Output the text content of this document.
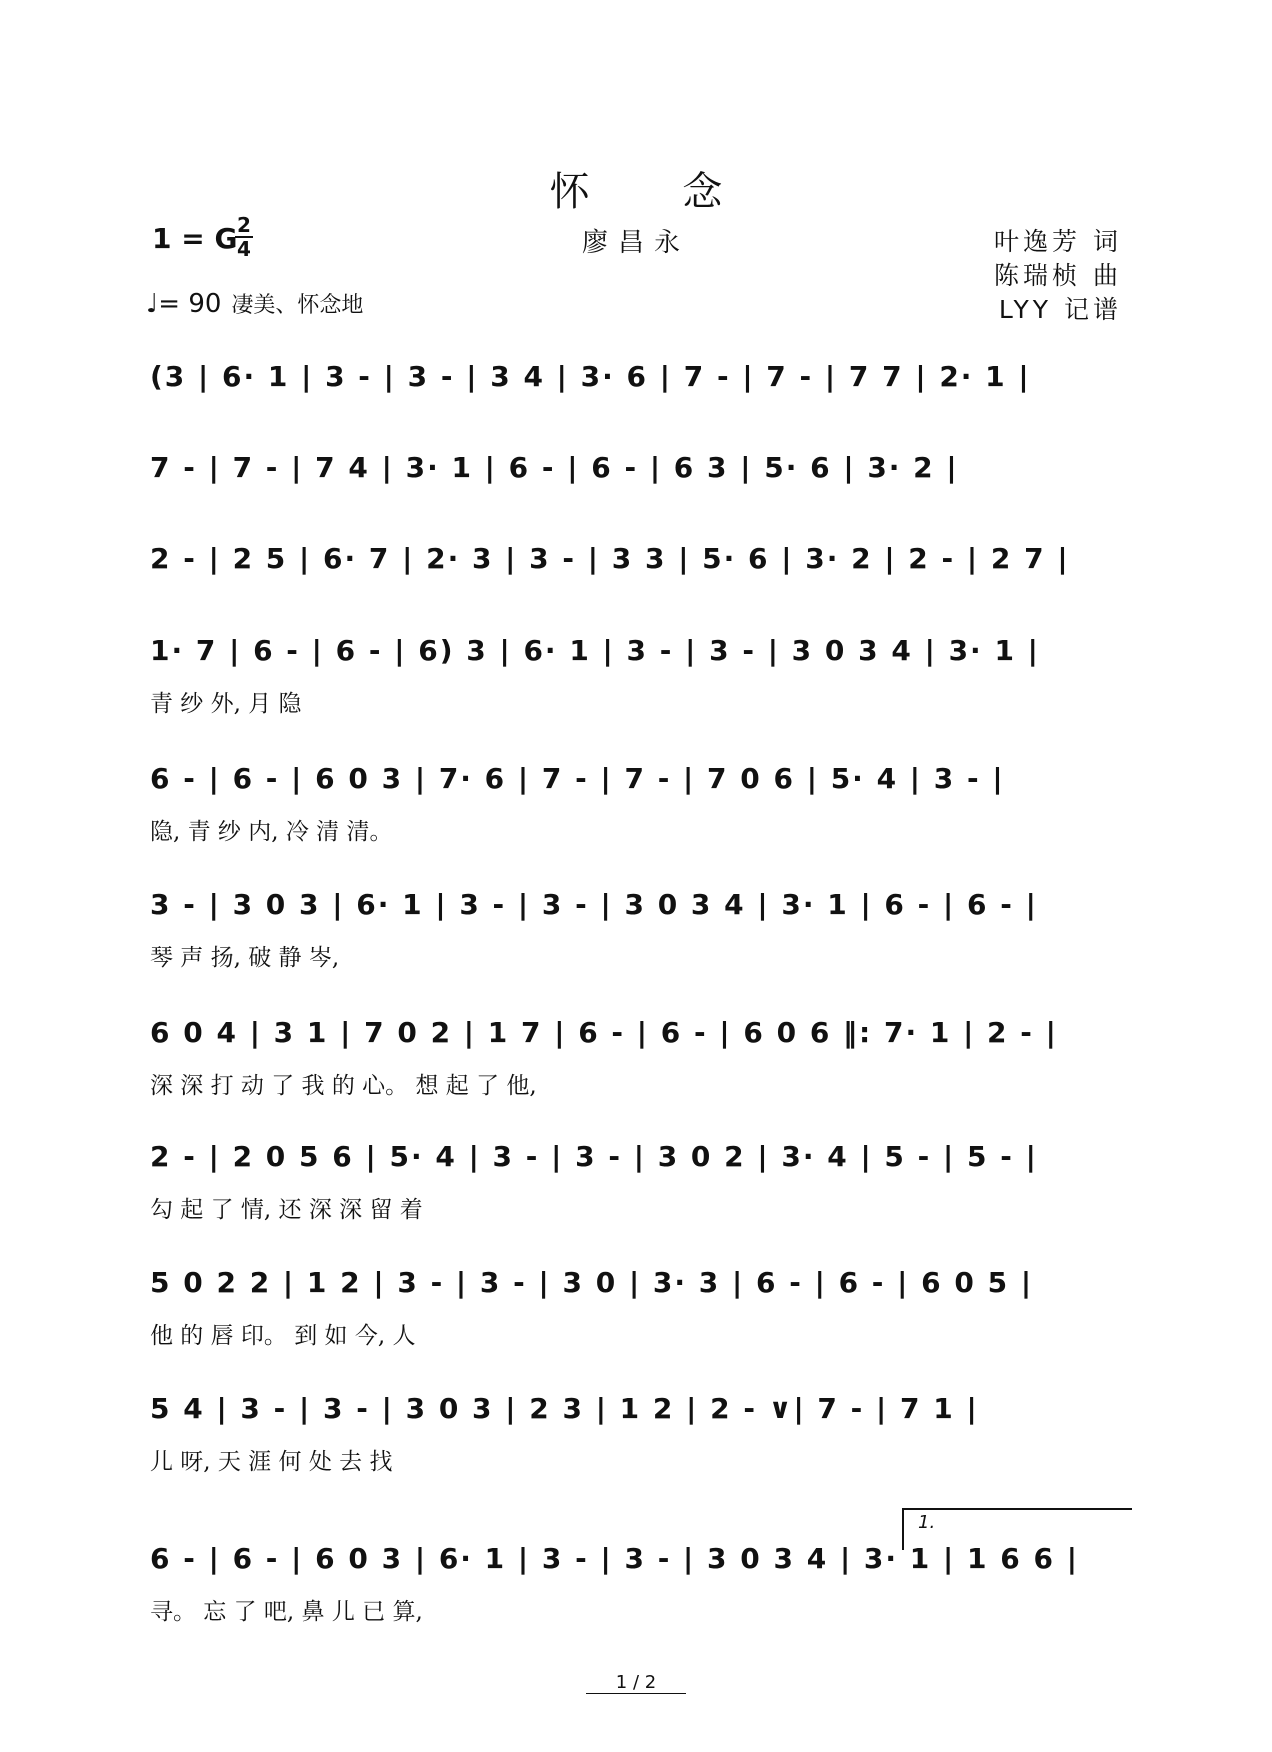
怀 念
廖昌永
1 = G 2
4
♩= 90 凄美、怀念地
叶逸芳 词
陈瑞桢 曲
LYY 记谱
(3 | 6· 1 | 3 - | 3 - | 3 4 | 3· 6 | 7 - | 7 - | 7 7 | 2· 1 |
7 - | 7 - | 7 4 | 3· 1 | 6 - | 6 - | 6 3 | 5· 6 | 3· 2 |
2 - | 2 5 | 6· 7 | 2· 3 | 3 - | 3 3 | 5· 6 | 3· 2 | 2 - | 2 7 |
1· 7 | 6 - | 6 - | 6) 3 | 6· 1 | 3 - | 3 - | 3 0 3 4 | 3· 1 |
青 纱 外, 月 隐
6 - | 6 - | 6 0 3 | 7· 6 | 7 - | 7 - | 7 0 6 | 5· 4 | 3 - |
隐, 青 纱 内, 冷 清 清。
3 - | 3 0 3 | 6· 1 | 3 - | 3 - | 3 0 3 4 | 3· 1 | 6 - | 6 - |
琴 声 扬, 破 静 岑,
6 0 4 | 3 1 | 7 0 2 | 1 7 | 6 - | 6 - | 6 0 6 ‖: 7· 1 | 2 - |
深 深 打 动 了 我 的 心。 想 起 了 他,
2 - | 2 0 5 6 | 5· 4 | 3 - | 3 - | 3 0 2 | 3· 4 | 5 - | 5 - |
勾 起 了 情, 还 深 深 留 着
5 0 2 2 | 1 2 | 3 - | 3 - | 3 0 | 3· 3 | 6 - | 6 - | 6 0 5 |
他 的 唇 印。 到 如 今, 人
5 4 | 3 - | 3 - | 3 0 3 | 2 3 | 1 2 | 2 - ∨| 7 - | 7 1 |
儿 呀, 天 涯 何 处 去 找
1.
6 - | 6 - | 6 0 3 | 6· 1 | 3 - | 3 - | 3 0 3 4 | 3· 1 | 1 6 6 |
寻。 忘 了 吧, 鼻 儿 已 算,
1 / 2
